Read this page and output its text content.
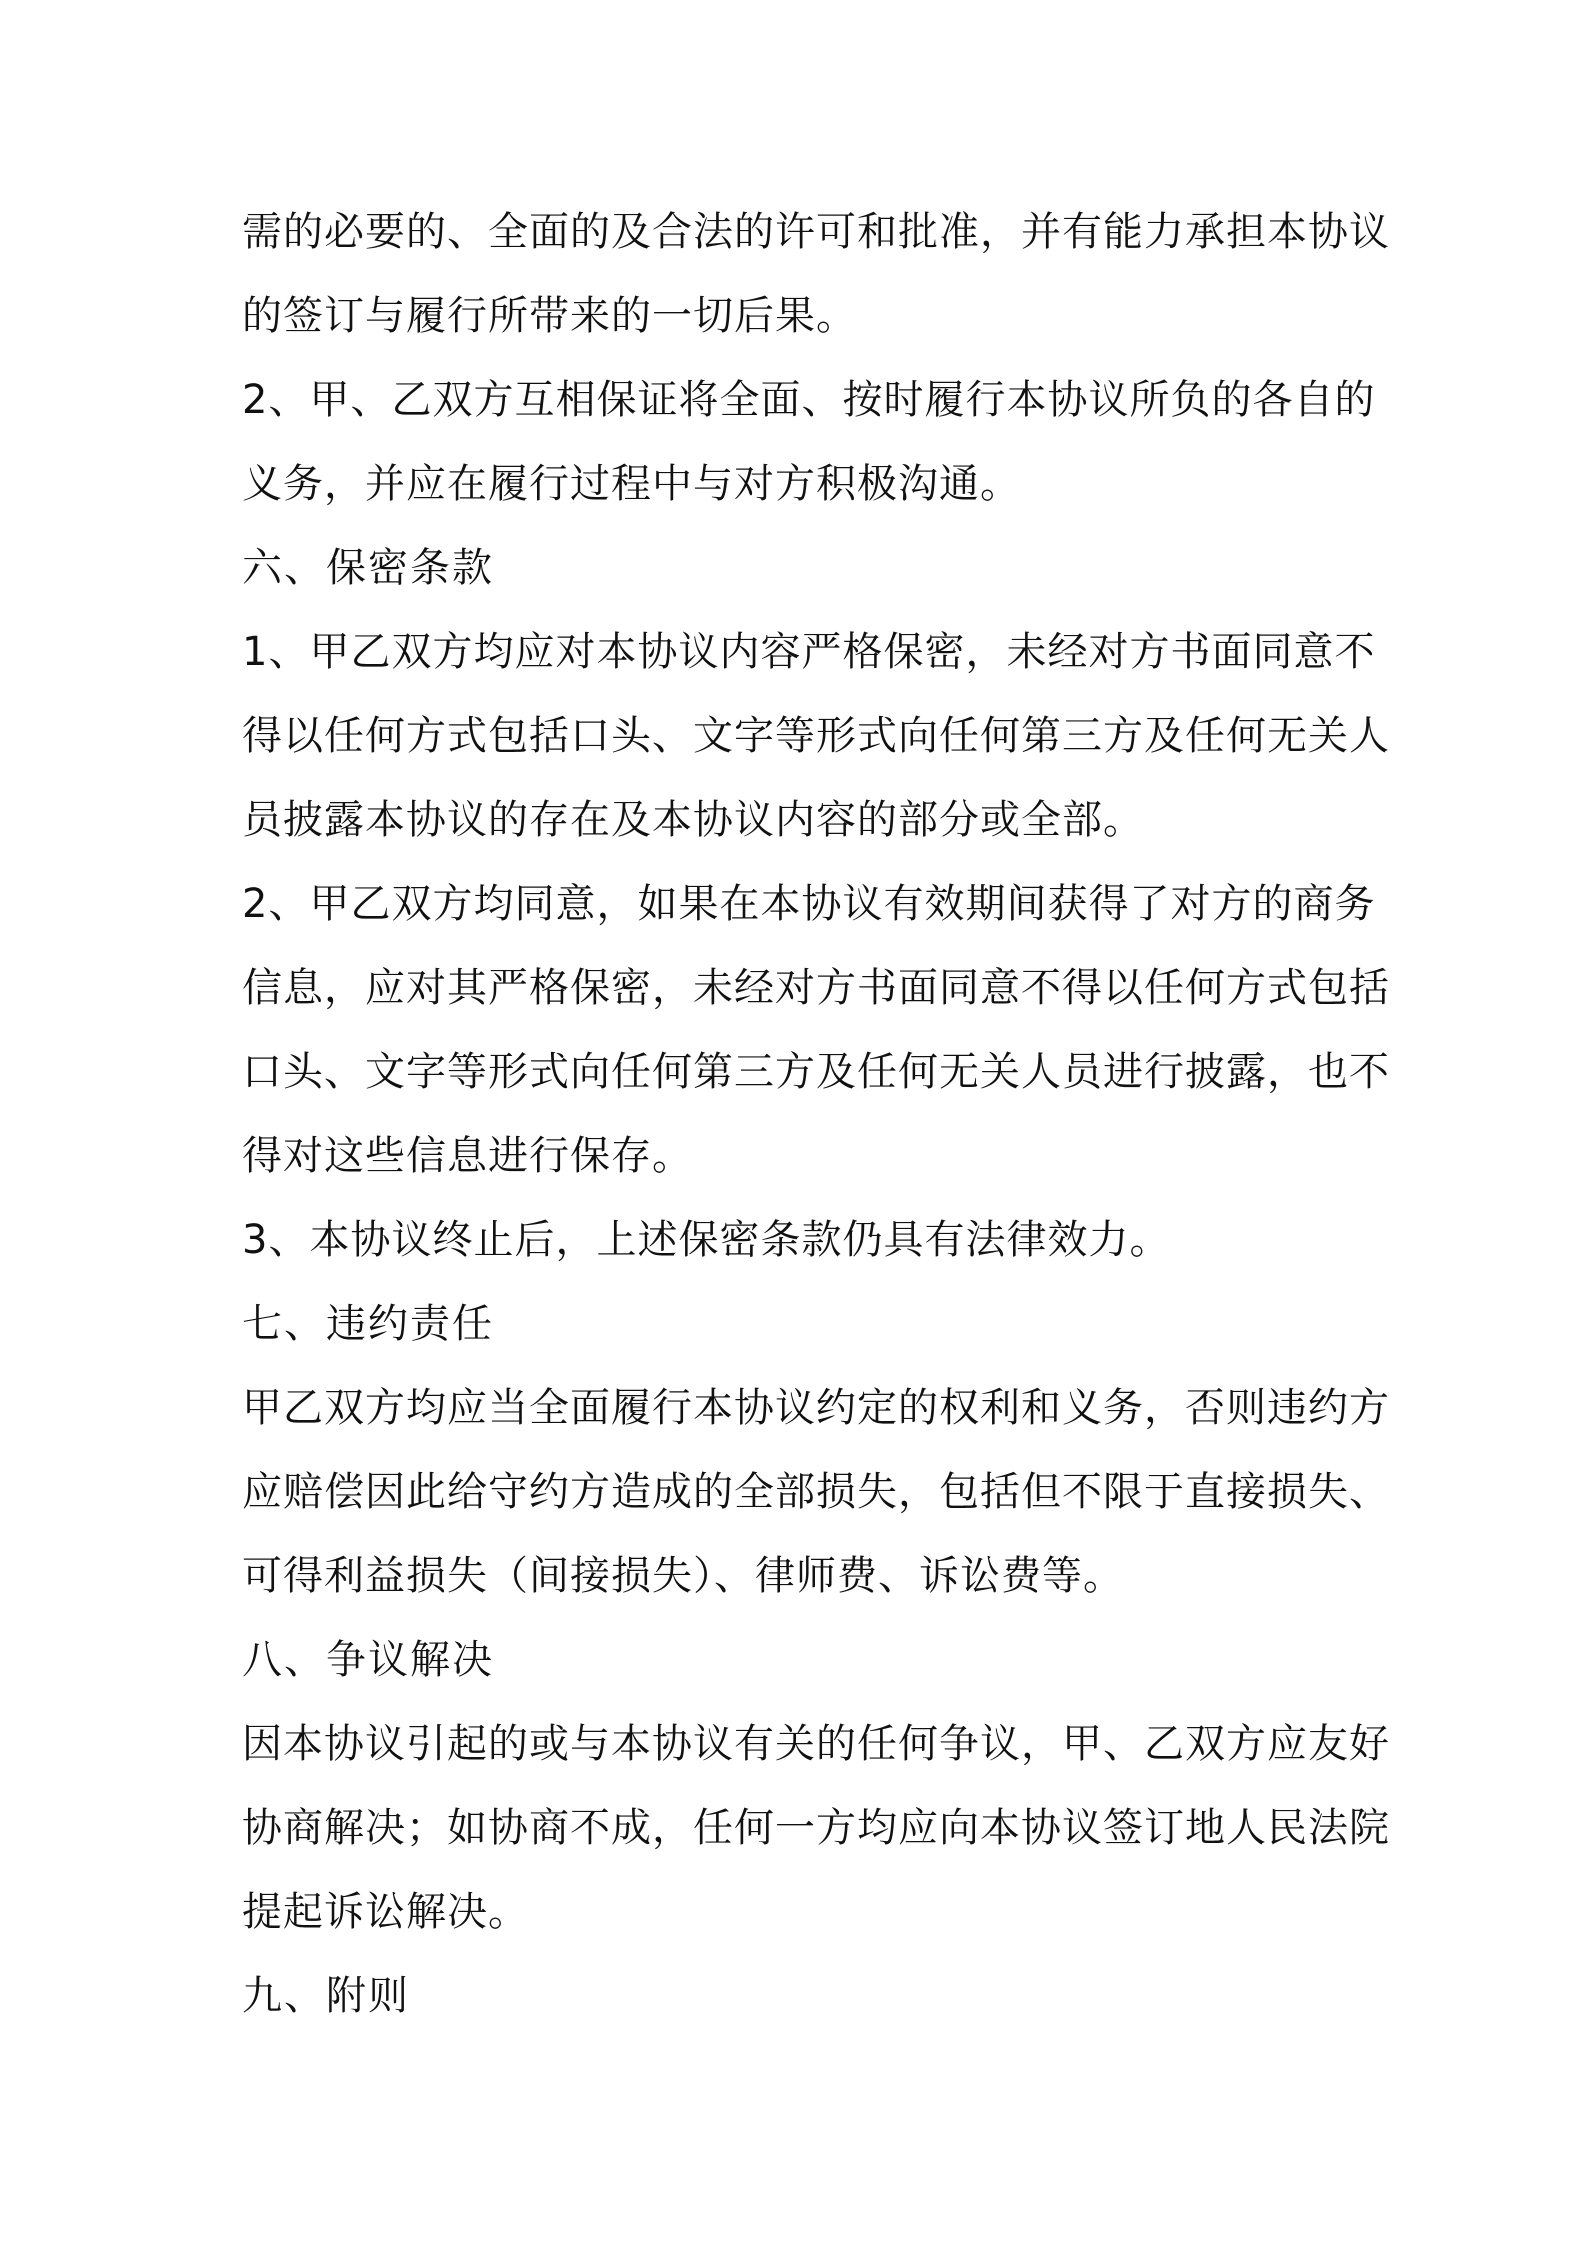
需的必要的、全面的及合法的许可和批准，并有能力承担本协议
的签订与履行所带来的一切后果。
2、甲、乙双方互相保证将全面、按时履行本协议所负的各自的
义务，并应在履行过程中与对方积极沟通。
六、保密条款
1、甲乙双方均应对本协议内容严格保密，未经对方书面同意不
得以任何方式包括口头、文字等形式向任何第三方及任何无关人
员披露本协议的存在及本协议内容的部分或全部。
2、甲乙双方均同意，如果在本协议有效期间获得了对方的商务
信息，应对其严格保密，未经对方书面同意不得以任何方式包括
口头、文字等形式向任何第三方及任何无关人员进行披露，也不
得对这些信息进行保存。
3、本协议终止后，上述保密条款仍具有法律效力。
七、违约责任
甲乙双方均应当全面履行本协议约定的权利和义务，否则违约方
应赔偿因此给守约方造成的全部损失，包括但不限于直接损失、
可得利益损失（间接损失）、律师费、诉讼费等。
八、争议解决
因本协议引起的或与本协议有关的任何争议，甲、乙双方应友好
协商解决；如协商不成，任何一方均应向本协议签订地人民法院
提起诉讼解决。
九、附则
